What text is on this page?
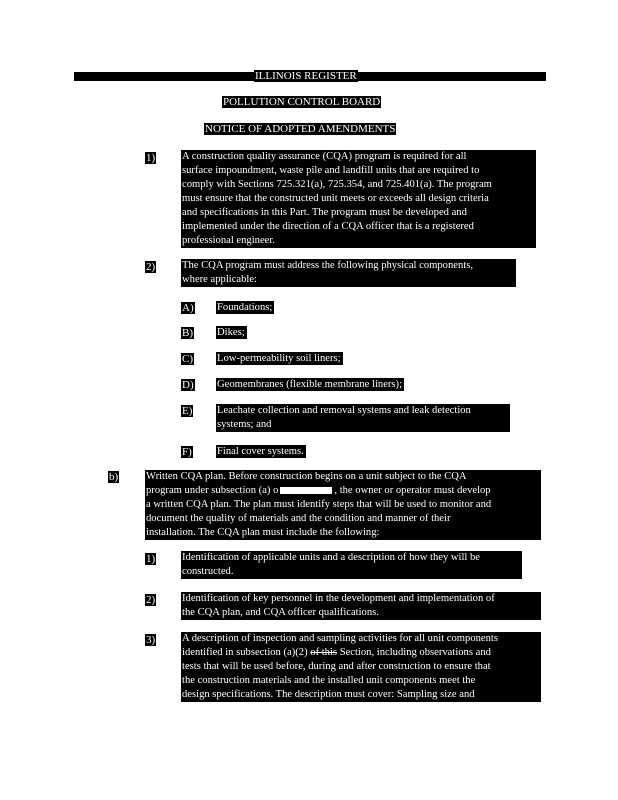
ILLINOIS REGISTER
POLLUTION CONTROL BOARD
NOTICE OF ADOPTED AMENDMENTS
1)	A construction quality assurance (CQA) program is required for all
surface impoundment, waste pile and landfill units that are required to
comply with Sections 725.321(a), 725.354, and 725.401(a). The program
must ensure that the constructed unit meets or exceeds all design criteria
and specifications in this Part. The program must be developed and
implemented under the direction of a CQA officer that is a registered
professional engineer.
2)	The CQA program must address the following physical components,
where applicable:
A) Foundations;
B) Dikes;
C) Low-permeability soil liners;
D) Geomembranes (flexible membrane liners);
E) Leachate collection and removal systems and leak detection
systems; and
F) Final cover systems.
b)	Written CQA plan. Before construction begins on a unit subject to the CQA
program under subsection (a) o	, the owner or operator must develop
a written CQA plan. The plan must identify steps that will be used to monitor and
document the quality of materials and the condition and manner of their
installation. The CQA plan must include the following:
1)	Identification of applicable units and a description of how they will be
constructed.
2)	Identification of key personnel in the development and implementation of
the CQA plan, and CQA officer qualifications.
3)	A description of inspection and sampling activities for all unit components
identified in subsection (a)(2) of this Section, including observations and
tests that will be used before, during and after construction to ensure that
the construction materials and the installed unit components meet the
design specifications. The description must cover: Sampling size and
